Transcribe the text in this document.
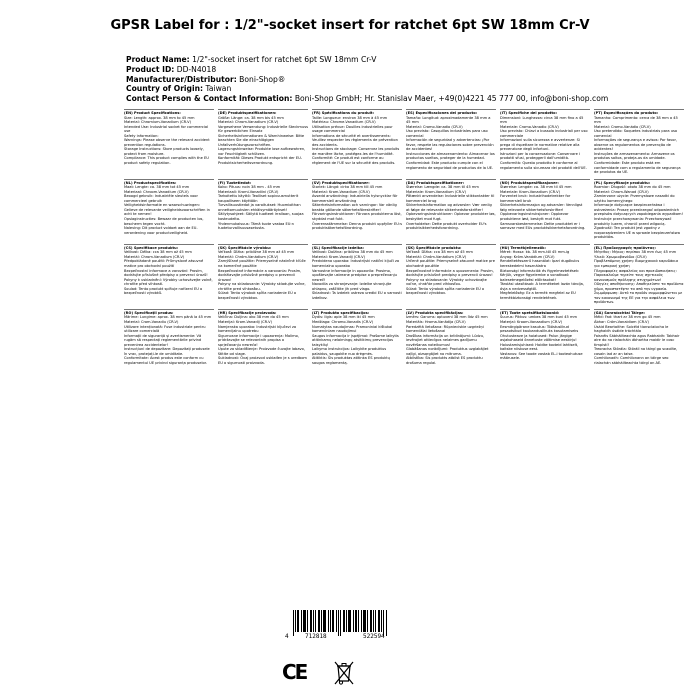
GPSR Label for : 1/2"-socket insert for ratchet 6pt SW 18mm Cr-V
Product Name: 1/2"-socket insert for ratchet 6pt SW 18mm Cr-V
Product ID: DD-N4018
Manufacturer/Distributor: Boni-Shop®
Country of Origin: Taiwan
Contact Person & Contact Information: Boni-Shop GmbH; Hr. Stanislav Maer, +49(0)4221 45 777 00, info@boni-shop.com
(EN) Product Specifications:
Size: Length: approx. 38 mm to 45 mm
Material: Chromium-Vanadium (CR-V)
Intended Use: Industrial socket for commercial use
Safety information:
Warnings: Please observe the relevant accident prevention regulations.
Storage Instructions: Store products loosely, protect from moisture.
Compliance: This product complies with the EU product safety regulation.
(DE) Produktspezifikationen:
Größe: Länge: ca. 38 mm bis 45 mm
Material: Chrom-Vanadium (CR-V)
Vorgesehene Verwendung: Industrielle Steckmuss für gewerblichen Einsatz
Sicherheitsinformationen & Warnhinweise: Bitte beachten Sie die einschlägigen Unfallverhütungsvorschriften.
Lagerungshinweise: Produkte lose aufbewahren, vor Feuchtigkeit schützen.
Konformität: Dieses Produkt entspricht der EU-Produktsicherheitsverordnung.
(FR) Spécifications du produit:
Taille: Longueur: environ 38 mm à 45 mm
Matériau: Chrome-Vanadium (CR-V)
Utilisation prévue: Douilles industrielles pour usage commercial
Informations de sécurité et avertissements: Veuillez respecter les règlements de prévention des accidents.
Instructions de stockage: Conservez les produits de manière lâche, protégez-les de l'humidité.
Conformité: Ce produit est conforme au règlement de l'UE sur la sécurité des produits.
(ES) Especificaciones del producto:
Tamaño: Longitud: aproximadamente 38 mm a 45 mm
Material: Cromo-Vanadio (CR-V)
Uso previsto: Casquillos industriales para uso comercial
Información de seguridad y advertencias: ¡Por favor, respete las regulaciones sobre prevención de accidentes!
Instrucciones de almacenamiento: Almacenar los productos sueltos, proteger de la humedad.
Conformidad: Este producto cumple con el reglamento de seguridad de productos de la UE.
(IT) Specifiche del prodotto:
Dimensioni: Lunghezza: circa 38 mm fino a 45 mm
Materiale: Cromo-Vanadio (CR-V)
Uso previsto: Chiavi a bussola industriali per uso commerciale
Informazioni sulla sicurezza e avvertenze: Si prega di rispettare le normative relative alla prevenzione degli infortuni.
Istruzioni per la conservazione: Conservare i prodotti sfusi, proteggerli dall'umidità.
Conformità: Questo prodotto è conforme al regolamento sulla sicurezza dei prodotti dell'UE.
(PT) Especificações do produto:
Tamanho: Comprimento: cerca de 38 mm a 45 mm
Material: Cromo-Vanádio (CR-V)
Uso pretendido: Soquetes industriais para uso comercial
Informações de segurança e avisos: Por favor, observe os regulamentos de prevenção de acidentes!
Instruções de armazenamento: Armazene os produtos soltos, proteja-os da umidade.
Conformidade: Este produto está em conformidade com o regulamento de segurança de produtos da UE.
(NL) Productspecificaties:
Maat: Lengte: ca. 38 mm tot 45 mm
Materiaal: Chroom-Vanadium (CR-V)
Beoogd gebruik: Industriële sleutels voor commercieel gebruik
Veiligheidsinformatie en waarschuwingen: Gelieve de relevante veiligheidsvoorschriften in acht te nemen!
Opslaginstructies: Bewaar de producten los, bescherm tegen vocht.
Naleving: Dit product voldoet aan de EU-verordening voor productveiligheid.
(FI) Tuotetiedot:
Koko: Pituus: noin 38 mm - 45 mm
Materiaali: Kromi-Vanadiini (CR-V)
Tarkoitettu käyttö: Teolliset sopivuusmutterit kaupalliseen käyttöön
Turvallisuustiedot ja varoitukset: Huomioithan onnettomuuksien ehkäisymääräykset!
Säilytysohjeet: Säilytä tuotteet irrallaan, suojaa kosteudelta.
Yhdenmukaisuus: Tämä tuote vastaa EU:n tuoteturvallisuusasetusta.
(SV) Produktspecifikationer:
Storlek: Längd: cirka 38 mm till 45 mm
Material: Krom-Vanadium (CR-V)
Avsedd användning: Industriella hylsnycklar för kommersiell användning
Säkerhetsinformation och varningar: Var vänlig beakta gällande säkerhetsföreskrifter!
Förvaringsinstruktioner: Förvara produkterna löst, skyddat mot fukt.
Överensstämmelse: Denna produkt uppfyller EU:s produktsäkerhetsförordning.
(DA) Produktspecifikationer:
Størrelse: Længde: ca. 38 mm til 45 mm
Materiale: Krom-Vanadium (CR-V)
Påtænkt anvendelse: Industrielle stikkontakter til kommerciel brug
Sikkerhedsinformation og advarsler: Vær venlig at følge de relevante sikkerhedsforskrifter!
Opbevaringsinstruktioner: Opbevar produkter løs, beskyttet mod fugt.
Overholdelse: Dette produkt overholder EU's produktsikkerhedsforordning.
(NO) Produktspesifikasjoner:
Størrelse: Lengde: ca. 38 mm til 45 mm
Materiale: Krom-Vanadium (CR-V)
Forventet bruk: Industrihodetrekker for kommersiell bruk
Sikkerhetsinformasjon og advarsler: Vennligst følg relevante sikkerhetsforskrifter!
Oppbevaringsinstruksjoner: Oppbevar produktene løst, beskytt mot fukt.
Samsvarsbestemmelse: Dette produktet er i samsvar med EUs produktsikkerhetsforordning.
(PL) Specyfikacje produktu:
Rozmiar: Długość: około 38 mm do 45 mm
Materiał: Chrom-Wanad (CR-V)
Zamierzone użycie: Przemysłowe nasadki do użytku komercyjnego
Informacje dotyczące bezpieczeństwa i ostrzeżenia: Proszę przestrzegać odpowiednich przepisów dotyczących zapobiegania wypadkom!
Instrukcje przechowywania: Przechowywać produkty luzem, chronić przed wilgocią.
Zgodność: Ten produkt jest zgodny z rozporządzeniem UE w sprawie bezpieczeństwa produktów.
(CS) Specifikace produktu:
Velikost: Délka: cca 38 mm až 45 mm
Materiál: Chrom-Vanadium (CR-V)
Předpokládané použití: Průmyslové zásuvné matice pro obchodní použití
Bezpečnostní informace a varování: Prosím, dodržujte příslušné předpisy o prevenci úrazů!
Pokyny k uskladnění: Výrobky uchovávejte volně, chraňte před vlhkostí.
Soulad: Tento produkt splňuje nařízení EU o bezpečnosti výrobků.
(SK) Špecifikácie výrobku:
Veľkosť: Dĺžka: približne 38 mm až 45 mm
Materiál: Chróm-Vanádium (CR-V)
Zamýšľané použitie: Priemyselné nástrčné kľúče na komerčné použitie
Bezpečnostné informácie a varovania: Prosím, dodržiavajte príslušné predpisy o prevencii úrazov!
Pokyny na skladovanie: Výrobky skladujte voľne, chráňte pred vlhkosťou.
Súlad: Tento výrobok spĺňa nariadenie EÚ o bezpečnosti výrobkov.
(SL) Specifikacije izdelka:
Velikost: Dolžina: približno 38 mm do 45 mm
Material: Krom-Vanadij (CR-V)
Predvidena uporaba: Industrijski natični ključi za komercialno uporabo
Varnostne informacije in opozorila: Prosimo, upoštevajte ustrezne predpise o preprečevanju nesreč!
Navodila za shranjevanje: Izdelke shranjujte ohlapno, zaščitite jih pred vlago.
Skladnost: Ta izdelek ustreza uredbi EU o varnosti izdelkov.
(SK) Špecifikácie produktu:
Veľkosť: Dĺžka: cca 38 mm až 45 mm
Materiál: Chróm-Vanádium (CR-V)
Určené použitie: Priemyselné zásuvné matice pre obchodné použitie
Bezpečnostné informácie a upozornenia: Prosím, dodržujte príslušné predpisy o prevencii úrazov!
Pokyny na skladovanie: Výrobky uchovávajte voľne, chráňte pred vlhkosťou.
Súlad: Tento výrobok spĺňa nariadenie EÚ o bezpečnosti výrobkov.
(HU) Termékjellemzők:
Méret: Hossz: kb. 38 mm-től 45 mm-ig
Anyag: Króm-Vanádium (CR-V)
Rendeltetésszerű használat: Ipari dugókulcs kereskedelmi használatra
Biztonsági információk és figyelmeztetések: Kérjük, vegye figyelembe a vonatkozó balesetmegelőzési előírásokat!
Tárolási utasítások: A termékeket lazán tárolja, óvja a nedvességtől.
Megfelelőség: Ez a termék megfelel az EU termékbiztonsági rendeletének.
(EL) Προδιαγραφές προϊόντος:
Μέγεθος: Μήκος: περίπου 38 mm έως 45 mm
Υλικό: Χρωμιοβανάδιο (CR-V)
Προβλεπόμενη χρήση: Βιομηχανικά καρυδάκια για εμπορική χρήση
Πληροφορίες ασφαλείας και προειδοποιήσεις: Παρακαλούμε τηρείτε τους σχετικούς κανονισμούς πρόληψης ατυχημάτων!
Οδηγίες αποθήκευσης: Αποθηκεύστε τα προϊόντα χύμα, προστατέψτε τα από την υγρασία.
Συμμόρφωση: Αυτό το προϊόν συμμορφώνεται με τον κανονισμό της ΕΕ για την ασφάλεια των προϊόντων.
(RO) Specificații produs:
Mărime: Lungime: aprox. 38 mm până la 45 mm
Material: Crom-Vanadiu (CR-V)
Utilizare intenționată: Fuse industriale pentru utilizare comercială
Informații de siguranță și avertismente: Vă rugăm să respectați reglementările privind prevenirea accidentelor!
Instrucțiuni de depozitare: Depozitați produsele în vrac, protejați-le de umiditate.
Conformitate: Acest produs este conform cu regulamentul UE privind siguranța produselor.
(HR) Specifikacije proizvoda:
Veličina: Duljina: oko 38 mm do 45 mm
Materijal: Krom-Vanadij (CR-V)
Namjenska uporaba: Industrijski ključevi za komercijalnu upotrebu
Sigurnosne informacije i upozorenja: Molimo, pridržavajte se relevantnih propisa o sprječavanju nesreća!
Upute za skladištenje: Proizvode čuvajte labavo, štitite od vlage.
Sukladnost: Ovaj proizvod usklađen je s uredbom EU o sigurnosti proizvoda.
(LT) Produkto specifikacijos:
Dydis: Ilgis: apie 38 mm iki 45 mm
Medžiaga: Chromo-Vanadis (CR-V)
Numatytas naudojimas: Pramoniniai kištukai komerciniam naudojimui
Saugos informacija ir įspėjimai: Prašome laikytis atitinkamų nelaimingų atsitikimų prevencijos taisyklių!
Laikymo instrukcijos: Laikykite produktus palaidus, saugokite nuo drėgmės.
Atitiktis: Šis produktas atitinka ES produktų saugos reglamentą.
(LV) Produkta specifikācijas:
Izmērs: Garums: aptuveni 38 mm līdz 45 mm
Materiāls: Hroma-Vanādija (CR-V)
Paredzētā lietošana: Rūpnieciskie uzgriežņi komerciālai lietošanai
Drošības informācija un brīdinājumi: Lūdzu, ievērojiet attiecīgos nelaimes gadījumu novēršanas noteikumus!
Glabāšanas norādījumi: Produktus uzglabājiet vaļīgi, aizsargājiet no mitruma.
Atbilstība: Šis produkts atbilst ES produktu drošuma regulai.
(ET) Toote spetsifikatsioonid:
Suurus: Pikkus: umbes 38 mm kuni 45 mm
Materjal: Kroom-Vanaadium (CR-V)
Eesmärgipärane kasutus: Tööstuslikud pesaotsikud kaubanduslikuks kasutamiseks
Ohutusteave ja hoiatused: Palun järgige asjakohaseid õnnetuste vältimise eeskirju!
Hoiustamisjuhised: Hoidke tooteid lahtiselt, kaitske niiskuse eest.
Vastavus: See toode vastab EL-i tooteohutuse määrusele.
(GA) Sonraíochtaí Táirge:
Méid: Fad: thart ar 38 mm go 45 mm
Ábhar: Cróm-Vanaidiam (CR-V)
Úsáid Beartaithe: Soicéid tionsclaíocha le haghaidh úsáide tráchtála
Faisnéis Sábháilteachta agus Rabhaidh: Tabhair aire do na rialacháin ábhartha maidir le cosc timpistí!
Treoracha Stórála: Stóráil na táirgí go scaoilte, cosain iad ar an taise.
Comhlíonadh: Comhlíonann an táirge seo rialachán sábháilteachta táirgí an AE.
4	712818	522594
CE
